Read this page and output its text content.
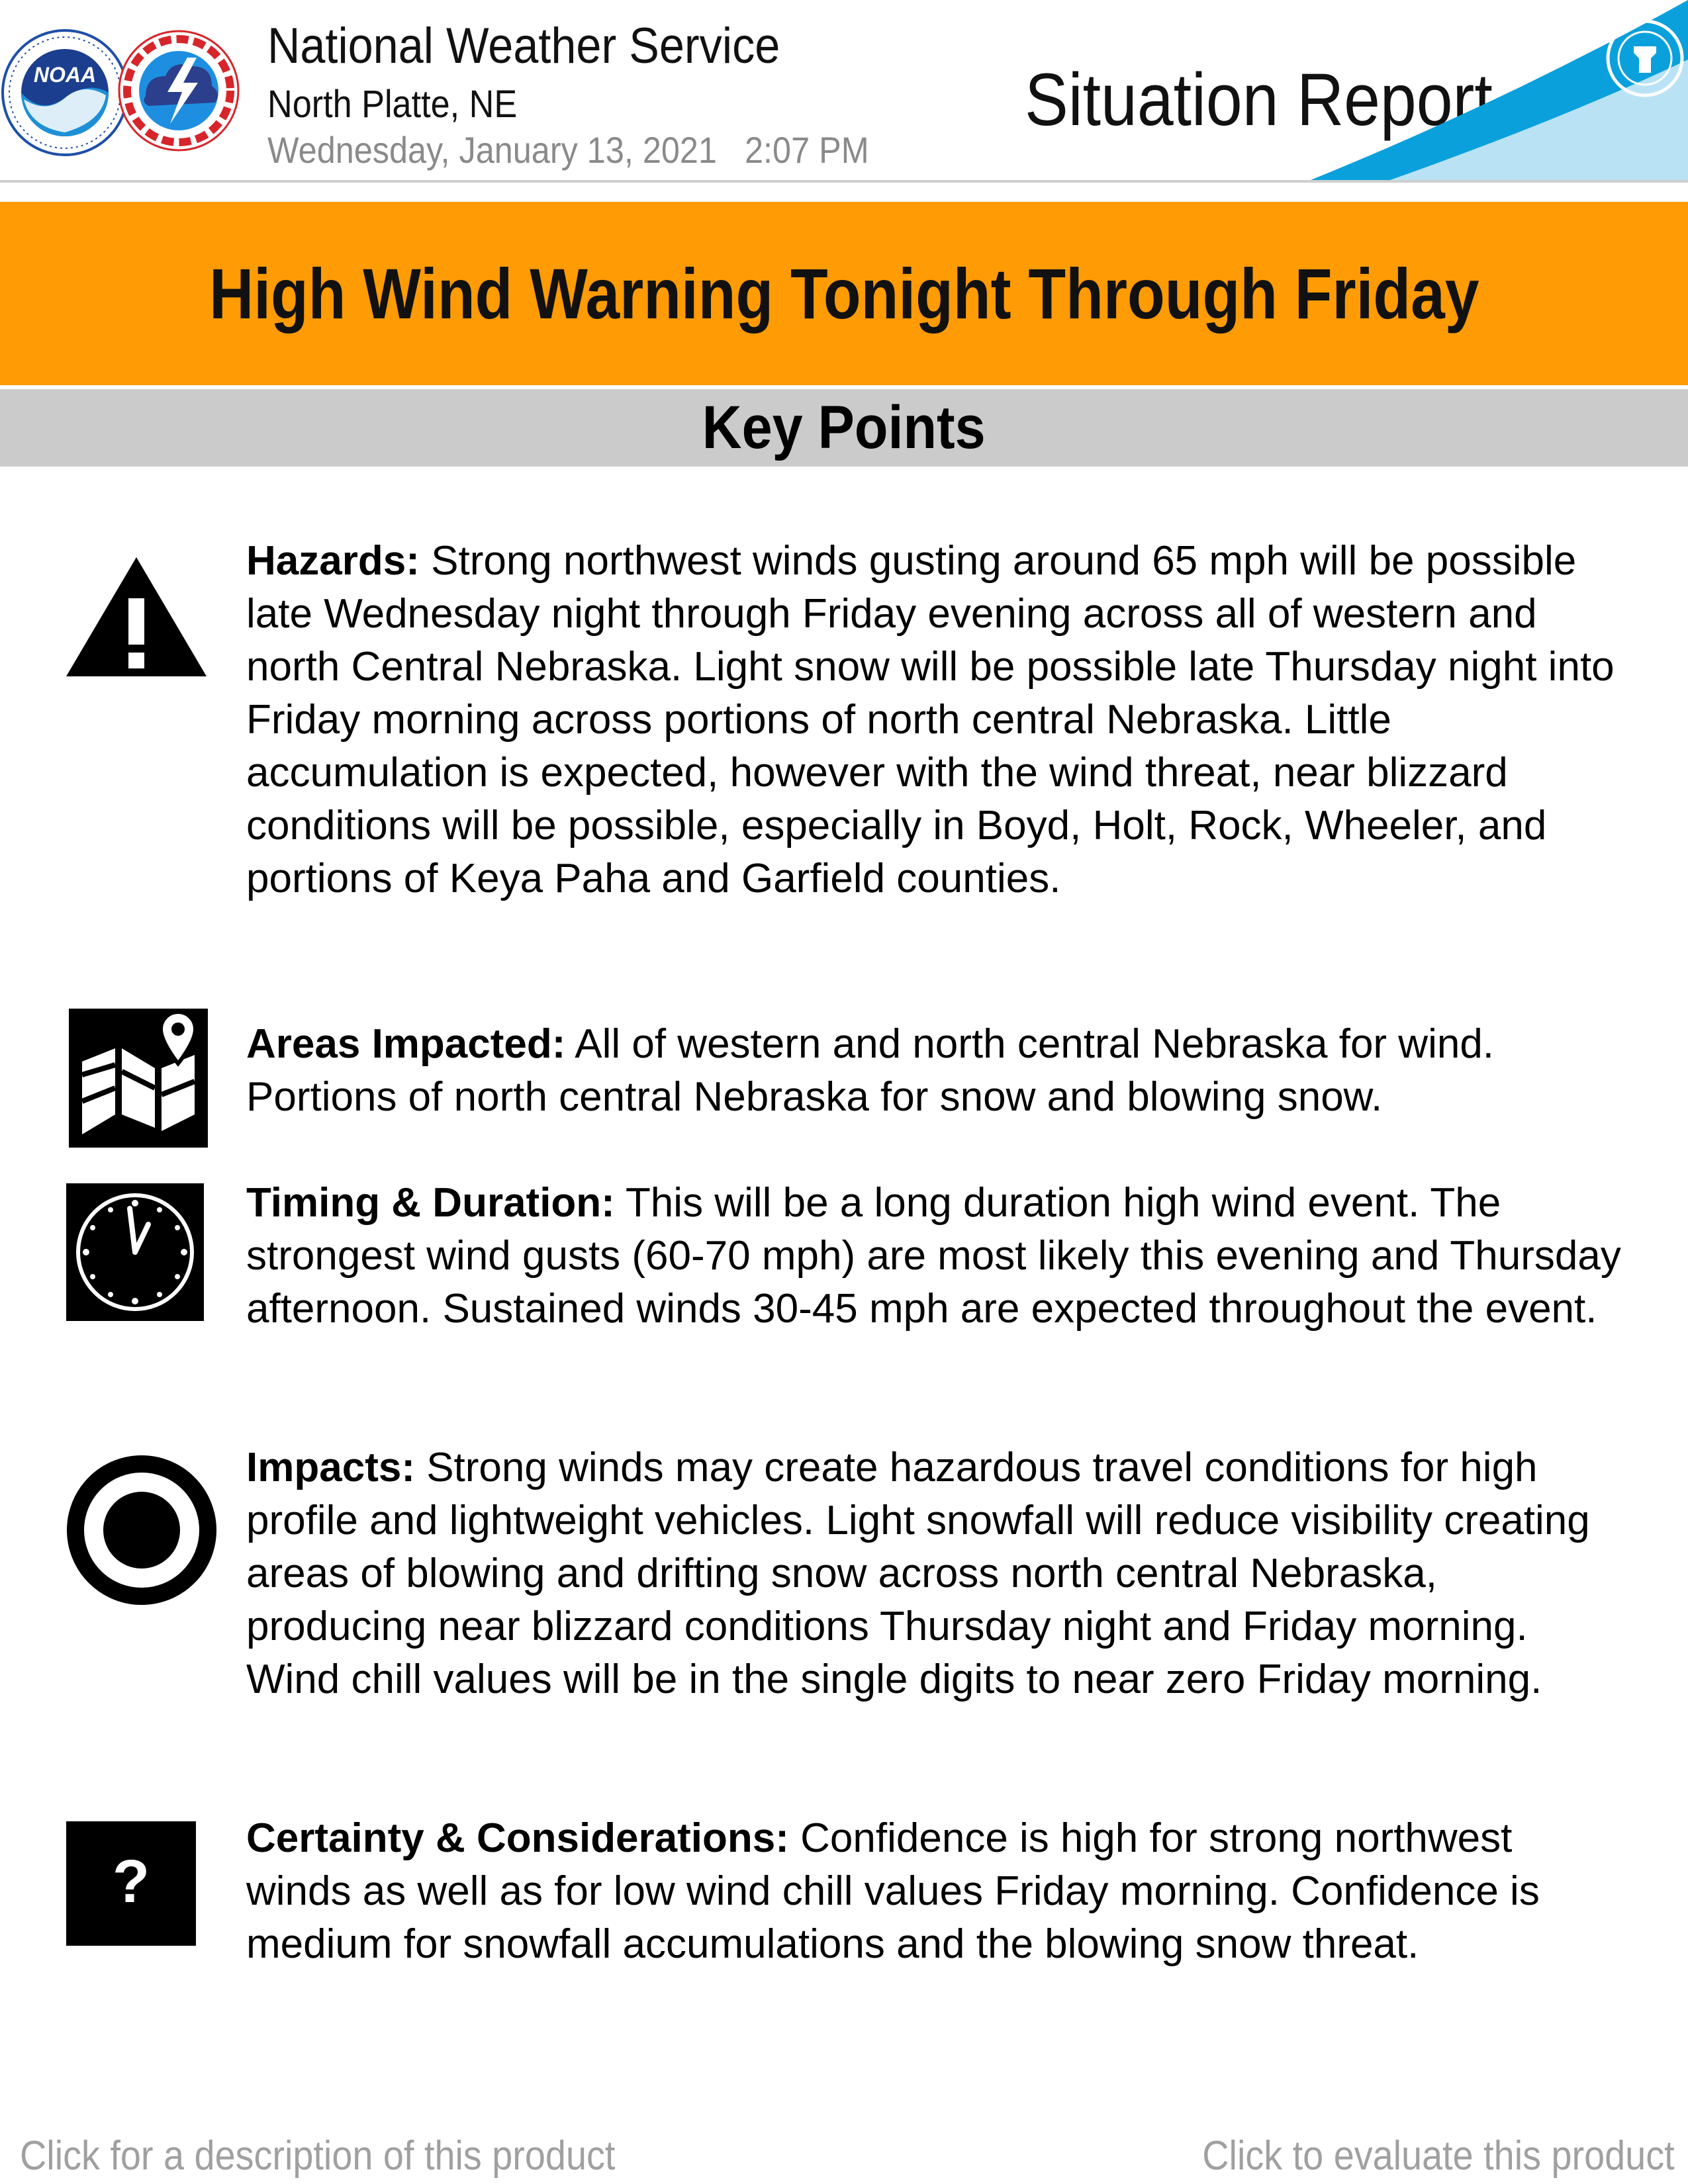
NOAA
National Weather Service
North Platte, NE
Wednesday, January 13, 2021   2:07 PM
Situation Report
High Wind Warning Tonight Through Friday
Key Points

Hazards: Strong northwest winds gusting around 65 mph will be possible late Wednesday night through Friday evening across all of western and north Central Nebraska. Light snow will be possible late Thursday night into Friday morning across portions of north central Nebraska. Little accumulation is expected, however with the wind threat, near blizzard conditions will be possible, especially in Boyd, Holt, Rock, Wheeler, and portions of Keya Paha and Garfield counties.

Areas Impacted: All of western and north central Nebraska for wind. Portions of north central Nebraska for snow and blowing snow.

Timing & Duration: This will be a long duration high wind event. The strongest wind gusts (60-70 mph) are most likely this evening and Thursday afternoon. Sustained winds 30-45 mph are expected throughout the event.

Impacts: Strong winds may create hazardous travel conditions for high profile and lightweight vehicles. Light snowfall will reduce visibility creating areas of blowing and drifting snow across north central Nebraska, producing near blizzard conditions Thursday night and Friday morning. Wind chill values will be in the single digits to near zero Friday morning.

?

Certainty & Considerations: Confidence is high for strong northwest winds as well as for low wind chill values Friday morning. Confidence is medium for snowfall accumulations and the blowing snow threat.

Click for a description of this product	Click to evaluate this product
